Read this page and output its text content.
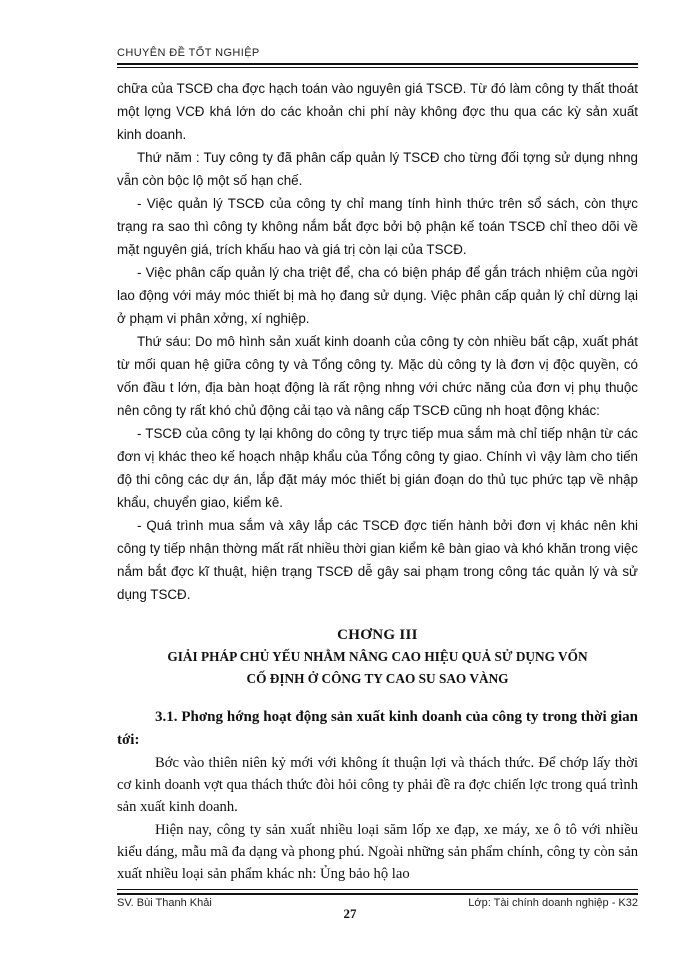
CHUYÊN ĐỀ TỐT NGHIỆP

chữa của TSCĐ cha đợc hạch toán vào nguyên giá TSCĐ. Từ đó làm công ty thất thoát một lợng VCĐ khá lớn do các khoản chi phí này không đợc thu qua các kỳ sản xuất kinh doanh.

Thứ năm : Tuy công ty đã phân cấp quản lý TSCĐ cho từng đối tợng sử dụng nhng vẫn còn bộc lộ một số hạn chế.

- Việc quản lý TSCĐ của công ty chỉ mang tính hình thức trên sổ sách, còn thực trạng ra sao thì công ty không nắm bắt đợc bởi bộ phận kế toán TSCĐ chỉ theo dõi về mặt nguyên giá, trích khấu hao và giá trị còn lại của TSCĐ.

- Việc phân cấp quản lý cha triệt để, cha có biện pháp để gắn trách nhiệm của ngời lao động với máy móc thiết bị mà họ đang sử dụng. Việc phân cấp quản lý chỉ dừng lại ở phạm vi phân xởng, xí nghiệp.

Thứ sáu: Do mô hình sản xuất kinh doanh của công ty còn nhiều bất cập, xuất phát từ mối quan hệ giữa công ty và Tổng công ty. Mặc dù công ty là đơn vị độc quyền, có vốn đầu t lớn, địa bàn hoạt động là rất rộng nhng với chức năng của đơn vị phụ thuộc nên công ty rất khó chủ động cải tạo và nâng cấp TSCĐ cũng nh hoạt động khác:

- TSCĐ của công ty lại không do công ty trực tiếp mua sắm mà chỉ tiếp nhận từ các đơn vị khác theo kế hoạch nhập khẩu của Tổng công ty giao. Chính vì vậy làm cho tiến độ thi công các dự án, lắp đặt máy móc thiết bị gián đoạn do thủ tục phức tạp về nhập khẩu, chuyển giao, kiểm kê.

- Quá trình mua sắm và xây lắp các TSCĐ đợc tiến hành bởi đơn vị khác nên khi công ty tiếp nhận thờng mất rất nhiều thời gian kiểm kê bàn giao và khó khăn trong việc nắm bắt đợc kĩ thuật, hiện trạng TSCĐ dễ gây sai phạm trong công tác quản lý và sử dụng TSCĐ.

CHƠNG III
GIẢI PHÁP CHỦ YẾU NHẰM NÂNG CAO HIỆU QUẢ SỬ DỤNG VỐN
CỐ ĐỊNH Ở CÔNG TY CAO SU SAO VÀNG

3.1. Phơng hớng hoạt động sản xuất kinh doanh của công ty trong thời gian tới:

Bớc vào thiên niên kỷ mới với không ít thuận lợi và thách thức. Để chớp lấy thời cơ kinh doanh vợt qua thách thức đòi hỏi công ty phải đề ra đợc chiến lợc trong quá trình sản xuất kinh doanh.

Hiện nay, công ty sản xuất nhiều loại săm lốp xe đạp, xe máy, xe ô tô với nhiều kiểu dáng, mẫu mã đa dạng và phong phú. Ngoài những sản phẩm chính, công ty còn sản xuất nhiều loại sản phẩm khác nh: Ủng bảo hộ lao

SV. Bùi Thanh Khải	Lớp: Tài chính doanh nghiệp - K32
27
